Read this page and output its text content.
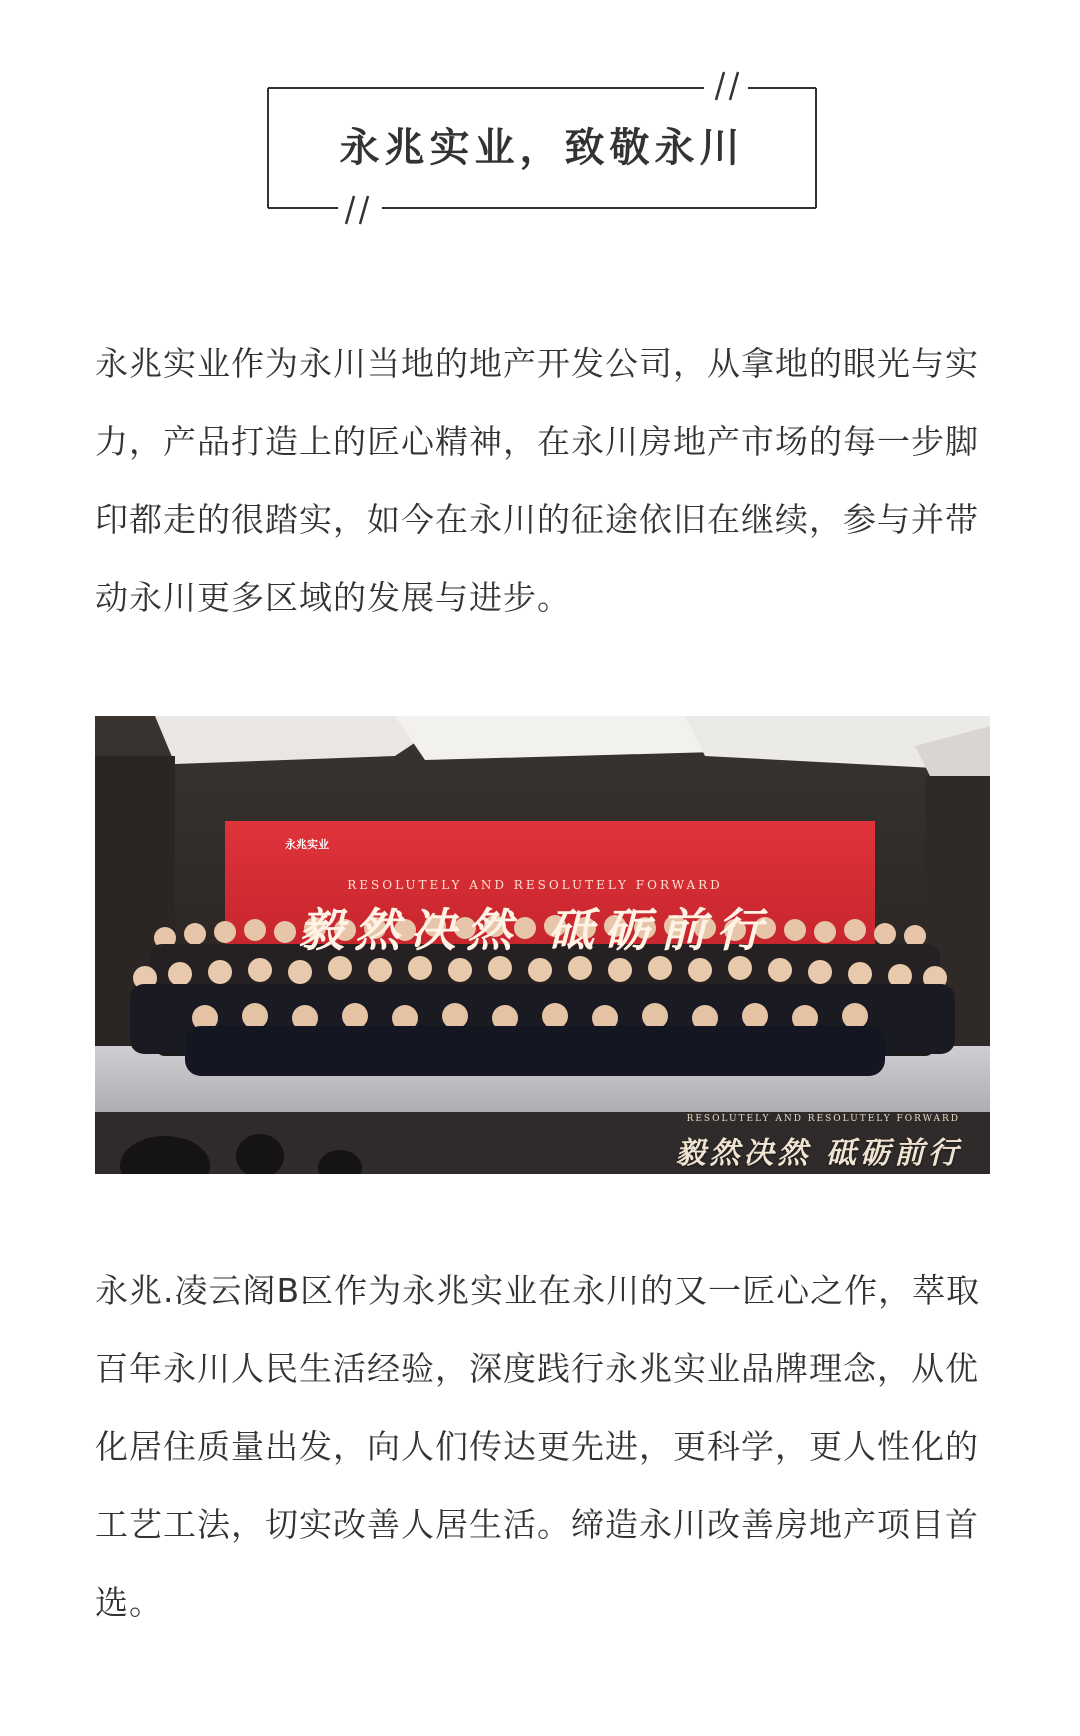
永兆实业，致敬永川

永兆实业作为永川当地的地产开发公司，从拿地的眼光与实力，产品打造上的匠心精神，在永川房地产市场的每一步脚印都走的很踏实，如今在永川的征途依旧在继续，参与并带动永川更多区域的发展与进步。

永兆实业
RESOLUTELY AND RESOLUTELY FORWARD
毅然决然 砥砺前行
RESOLUTELY AND RESOLUTELY FORWARD
毅然决然 砥砺前行

永兆.凌云阁B区作为永兆实业在永川的又一匠心之作，萃取百年永川人民生活经验，深度践行永兆实业品牌理念，从优化居住质量出发，向人们传达更先进，更科学，更人性化的工艺工法，切实改善人居生活。缔造永川改善房地产项目首选。
